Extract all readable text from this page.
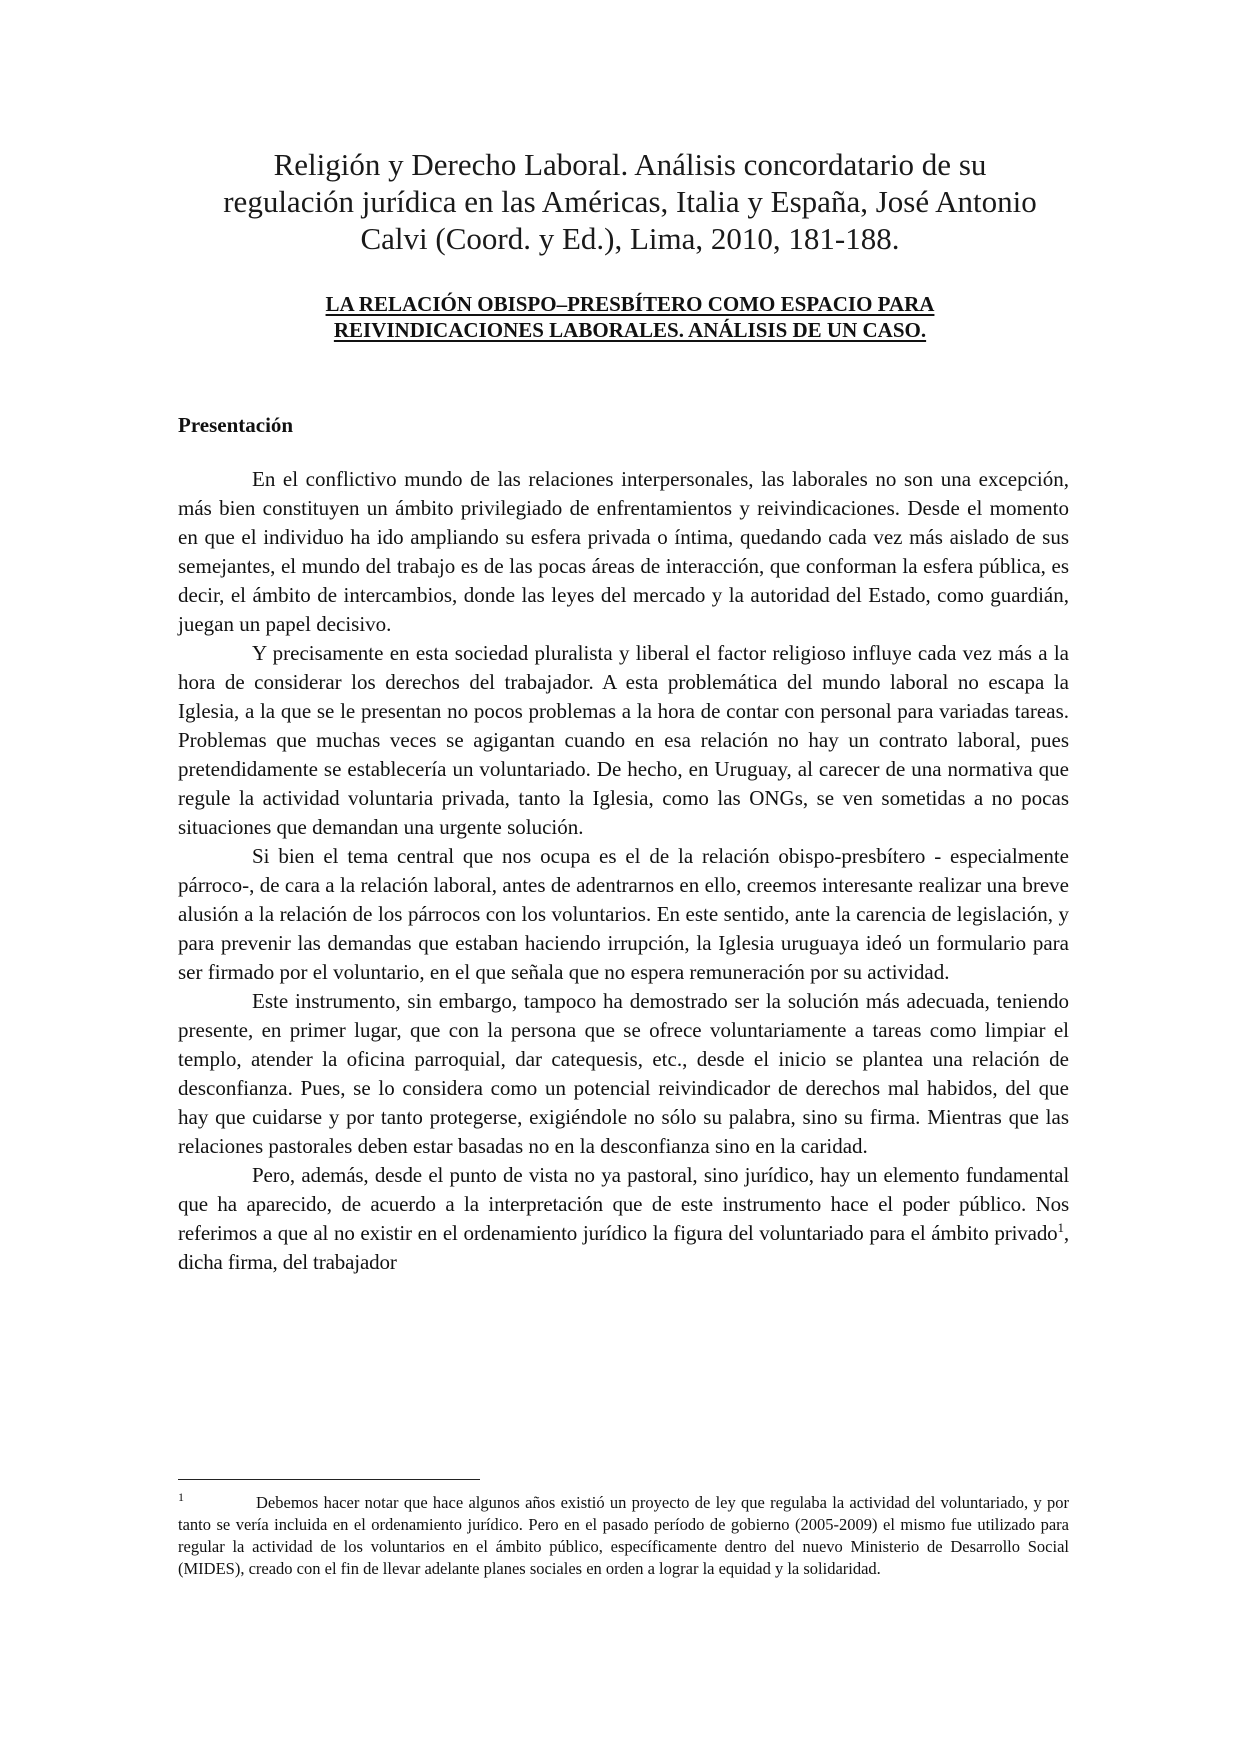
Religión y Derecho Laboral. Análisis concordatario de su
regulación jurídica en las Américas, Italia y España, José Antonio
Calvi (Coord. y Ed.), Lima, 2010, 181-188.
LA RELACIÓN OBISPO–PRESBÍTERO COMO ESPACIO PARA
REIVINDICACIONES LABORALES. ANÁLISIS DE UN CASO.
Presentación

En el conflictivo mundo de las relaciones interpersonales, las laborales no son una excepción, más bien constituyen un ámbito privilegiado de enfrentamientos y reivindicaciones. Desde el momento en que el individuo ha ido ampliando su esfera privada o íntima, quedando cada vez más aislado de sus semejantes, el mundo del trabajo es de las pocas áreas de interacción, que conforman la esfera pública, es decir, el ámbito de intercambios, donde las leyes del mercado y la autoridad del Estado, como guardián, juegan un papel decisivo.

Y precisamente en esta sociedad pluralista y liberal el factor religioso influye cada vez más a la hora de considerar los derechos del trabajador. A esta problemática del mundo laboral no escapa la Iglesia, a la que se le presentan no pocos problemas a la hora de contar con personal para variadas tareas. Problemas que muchas veces se agigantan cuando en esa relación no hay un contrato laboral, pues pretendidamente se establecería un voluntariado. De hecho, en Uruguay, al carecer de una normativa que regule la actividad voluntaria privada, tanto la Iglesia, como las ONGs, se ven sometidas a no pocas situaciones que demandan una urgente solución.

Si bien el tema central que nos ocupa es el de la relación obispo-presbítero - especialmente párroco-, de cara a la relación laboral, antes de adentrarnos en ello, creemos interesante realizar una breve alusión a la relación de los párrocos con los voluntarios. En este sentido, ante la carencia de legislación, y para prevenir las demandas que estaban haciendo irrupción, la Iglesia uruguaya ideó un formulario para ser firmado por el voluntario, en el que señala que no espera remuneración por su actividad.

Este instrumento, sin embargo, tampoco ha demostrado ser la solución más adecuada, teniendo presente, en primer lugar, que con la persona que se ofrece voluntariamente a tareas como limpiar el templo, atender la oficina parroquial, dar catequesis, etc., desde el inicio se plantea una relación de desconfianza. Pues, se lo considera como un potencial reivindicador de derechos mal habidos, del que hay que cuidarse y por tanto protegerse, exigiéndole no sólo su palabra, sino su firma. Mientras que las relaciones pastorales deben estar basadas no en la desconfianza sino en la caridad.

Pero, además, desde el punto de vista no ya pastoral, sino jurídico, hay un elemento fundamental que ha aparecido, de acuerdo a la interpretación que de este instrumento hace el poder público. Nos referimos a que al no existir en el ordenamiento jurídico la figura del voluntariado para el ámbito privado$^1$, dicha firma, del trabajador

1	Debemos hacer notar que hace algunos años existió un proyecto de ley que regulaba la actividad del voluntariado, y por tanto se vería incluida en el ordenamiento jurídico. Pero en el pasado período de gobierno (2005-2009) el mismo fue utilizado para regular la actividad de los voluntarios en el ámbito público, específicamente dentro del nuevo Ministerio de Desarrollo Social (MIDES), creado con el fin de llevar adelante planes sociales en orden a lograr la equidad y la solidaridad.
